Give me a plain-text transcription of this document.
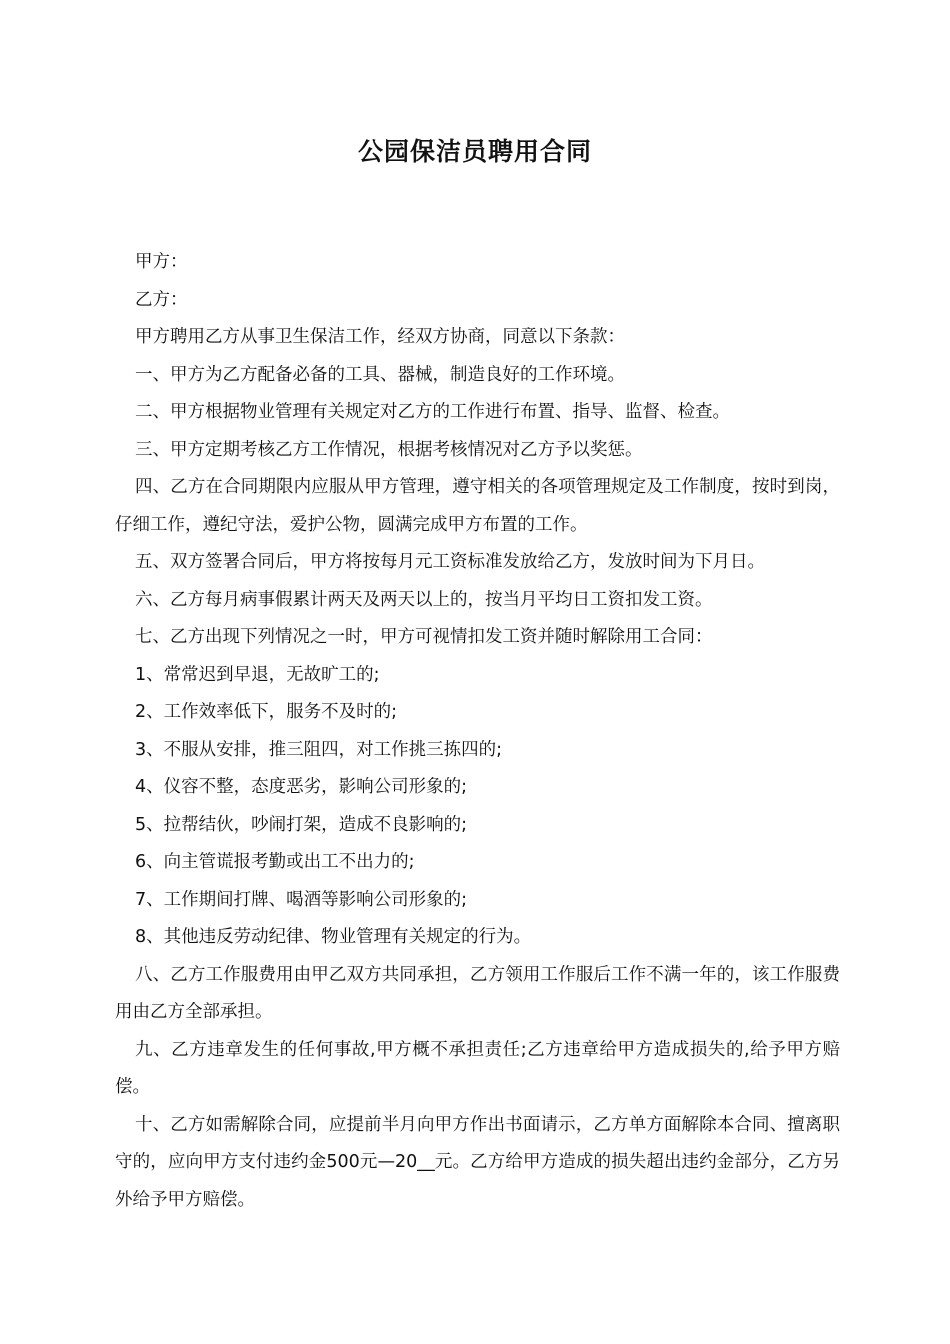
公园保洁员聘用合同

甲方：

乙方：

甲方聘用乙方从事卫生保洁工作，经双方协商，同意以下条款：

一、甲方为乙方配备必备的工具、器械，制造良好的工作环境。

二、甲方根据物业管理有关规定对乙方的工作进行布置、指导、监督、检查。

三、甲方定期考核乙方工作情况，根据考核情况对乙方予以奖惩。

四、乙方在合同期限内应服从甲方管理，遵守相关的各项管理规定及工作制度，按时到岗，仔细工作，遵纪守法，爱护公物，圆满完成甲方布置的工作。

五、双方签署合同后，甲方将按每月元工资标准发放给乙方，发放时间为下月日。

六、乙方每月病事假累计两天及两天以上的，按当月平均日工资扣发工资。

七、乙方出现下列情况之一时，甲方可视情扣发工资并随时解除用工合同：

1、常常迟到早退，无故旷工的;

2、工作效率低下，服务不及时的;

3、不服从安排，推三阻四，对工作挑三拣四的;

4、仪容不整，态度恶劣，影响公司形象的;

5、拉帮结伙，吵闹打架，造成不良影响的;

6、向主管谎报考勤或出工不出力的;

7、工作期间打牌、喝酒等影响公司形象的;

8、其他违反劳动纪律、物业管理有关规定的行为。

八、乙方工作服费用由甲乙双方共同承担，乙方领用工作服后工作不满一年的，该工作服费用由乙方全部承担。

九、乙方违章发生的任何事故,甲方概不承担责任;乙方违章给甲方造成损失的,给予甲方赔偿。

十、乙方如需解除合同，应提前半月向甲方作出书面请示，乙方单方面解除本合同、擅离职守的，应向甲方支付违约金500元—20__元。乙方给甲方造成的损失超出违约金部分，乙方另外给予甲方赔偿。
